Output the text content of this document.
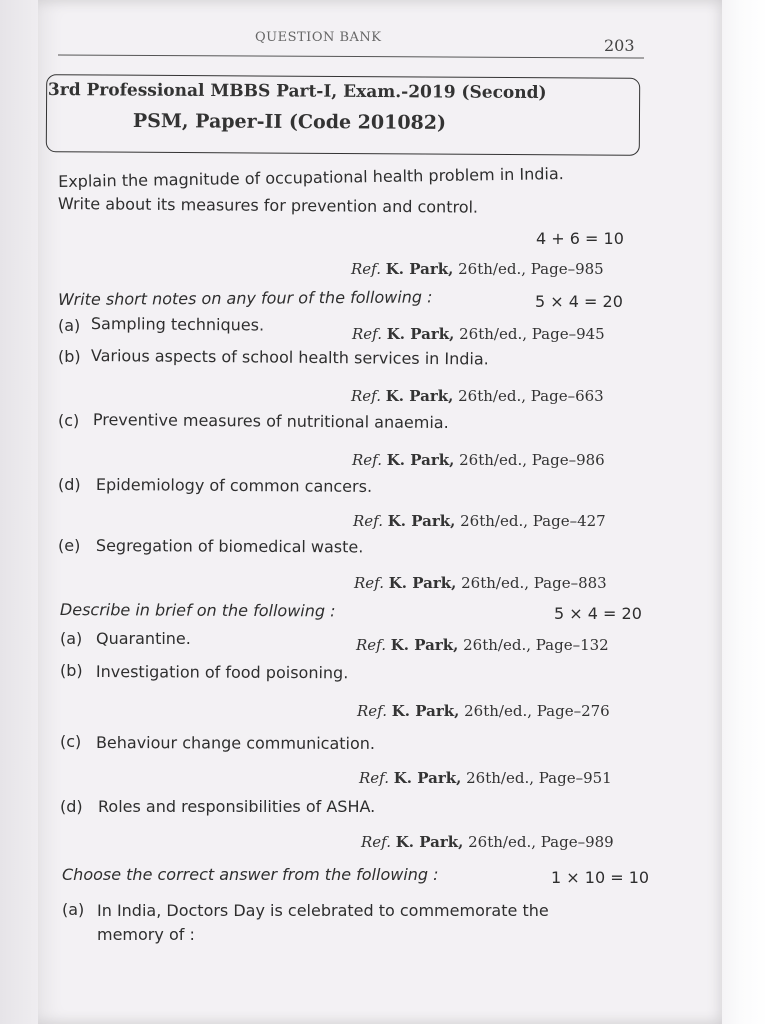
QUESTION BANK	203
3rd Professional MBBS Part-I, Exam.-2019 (Second)
PSM, Paper-II (Code 201082)
Explain the magnitude of occupational health problem in India.
Write about its measures for prevention and control.
4 + 6 = 10
Ref. K. Park, 26th/ed., Page–985
Write short notes on any four of the following :	5 × 4 = 20
(a) Sampling techniques.	Ref. K. Park, 26th/ed., Page–945
(b) Various aspects of school health services in India.
Ref. K. Park, 26th/ed., Page–663
(c) Preventive measures of nutritional anaemia.
Ref. K. Park, 26th/ed., Page–986
(d) Epidemiology of common cancers.
Ref. K. Park, 26th/ed., Page–427
(e) Segregation of biomedical waste.
Ref. K. Park, 26th/ed., Page–883
Describe in brief on the following :	5 × 4 = 20
(a) Quarantine.	Ref. K. Park, 26th/ed., Page–132
(b) Investigation of food poisoning.
Ref. K. Park, 26th/ed., Page–276
(c) Behaviour change communication.
Ref. K. Park, 26th/ed., Page–951
(d) Roles and responsibilities of ASHA.
Ref. K. Park, 26th/ed., Page–989
Choose the correct answer from the following :	1 × 10 = 10
(a) In India, Doctors Day is celebrated to commemorate the
memory of :
